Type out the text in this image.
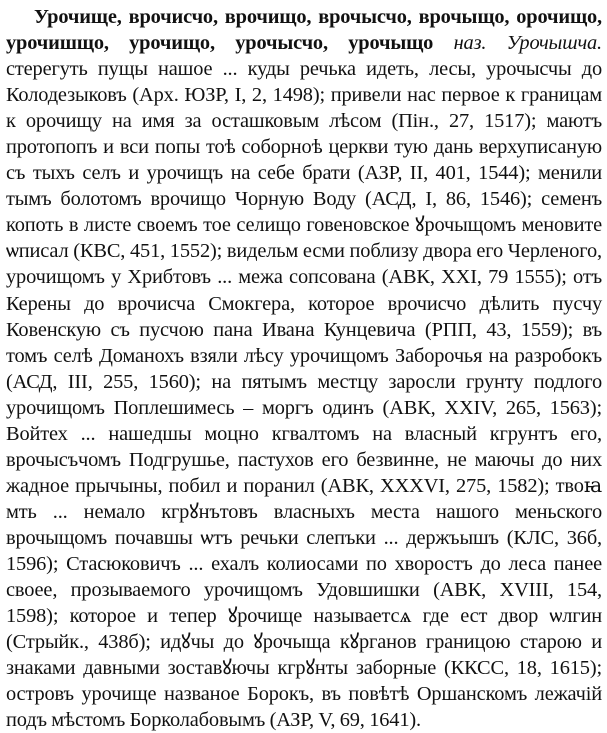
Урочище, врочисчо, врочищо, врочысчо, врочыщо, орочищо, урочишщо, урочищо, урочысчо, урочыщо наз. Урочышча. стерегуть пущы нашое ... куды речька идеть, лесы, урочысчы до Колодезыковъ (Арх. ЮЗР, I, 2, 1498); привели нас первое к границам к орочищу на имя за осташковым лѣсом (Пін., 27, 1517); маютъ протопопъ и вси попы тоѣ соборноѣ церкви тую дань верхуписаную съ тыхъ селъ и урочищъ на себе брати (АЗР, II, 401, 1544); менили тымъ болотомъ врочищо Чорную Воду (АСД, I, 86, 1546); семенъ копоть в листе своемъ тое селищо говеновское ꙋрочыщомъ меновите ѡписал (КВС, 451, 1552); видельм есми поблизу двора его Черленого, урочищомъ у Хрибтовъ ... межа сопсована (АВК, XXI, 79 1555); отъ Керены до врочисча Смокгерa, которое врочисчо дѣлить пусчу Ковенскую съ пусчою пана Ивана Кунцевича (РПП, 43, 1559); въ томъ селѣ Доманохъ взяли лѣсу урочищомъ Заборочья на разробокъ (АСД, III, 255, 1560); на пятымъ местцу заросли грунту подлого урочищомъ Поплешимесь – моргъ одинъ (АВК, XXIV, 265, 1563); Войтех ... нашедшы моцно кгвалтомъ на власный кгрунтъ его, врочысъчомъ Подгрушье, пастухов его безвинне, не маючы до них жадное прычыны, побил и поранил (АВК, XXXVI, 275, 1582); твоꙗ мть ... немало кгрꙋнътовъ власныхъ места нашого меньского врочыщомъ почавшы ѡтъ речьки слепъки ... держъышъ (КЛС, 36б, 1596); Стасюковичъ ... ехалъ колиосами по хворостъ до леса панее своее, прозываемого урочищомъ Удовшишки (АВК, XVIII, 154, 1598); которое и тепер ꙋрочище называетсѧ где ест двор ѡлгин (Стрыйк., 438б); идꙋчы до ꙋрочыща кꙋрганов границою старою и знаками давными зоставꙋючы кгрꙋнты заборные (ККСС, 18, 1615); островъ урочище названое Борокъ, въ повѣтѣ Оршанскомъ лежачій подъ мѣстомъ Борколабовымъ (АЗР, V, 69, 1641).
